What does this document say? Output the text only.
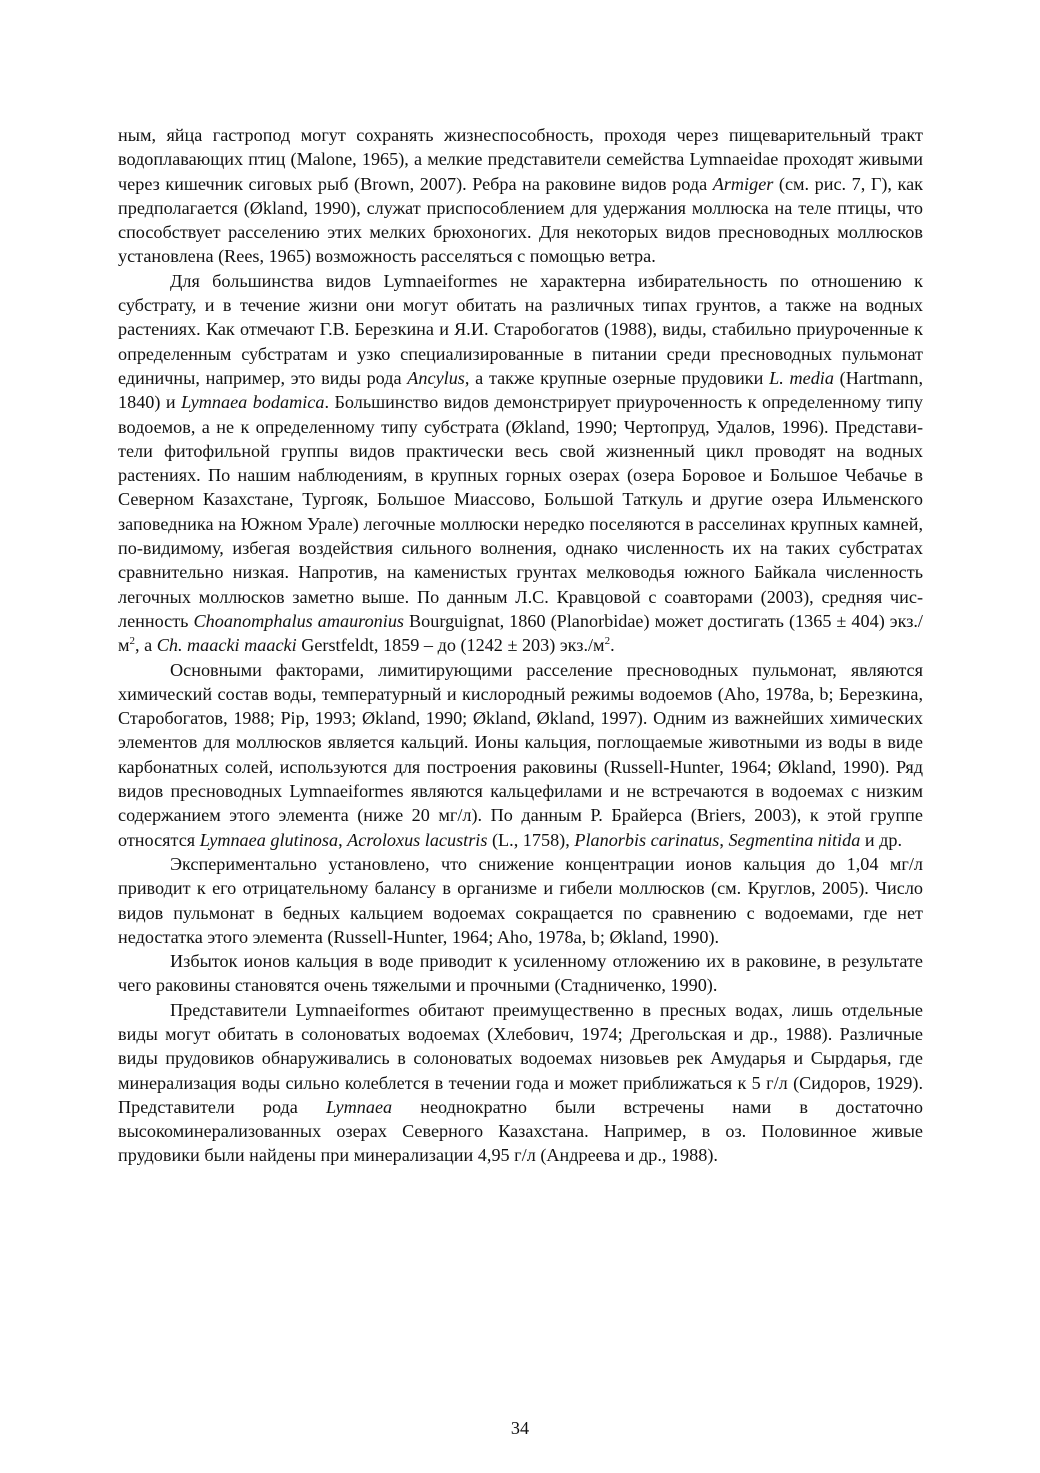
ным, яйца гастропод могут сохранять жизнеспособность, проходя через пищеварительный тракт водоплавающих птиц (Malone, 1965), а мелкие представители семейства Lymnaeidae проходят живыми через кишечник сиговых рыб (Brown, 2007). Ребра на раковине видов рода Armiger (см. рис. 7, Г), как предполагается (Økland, 1990), служат приспособлением для удержания моллюска на теле птицы, что способствует расселению этих мелких брюхоногих. Для некоторых видов пресноводных моллюсков установлена (Rees, 1965) возможность расселяться с помощью ветра.

Для большинства видов Lymnaeiformes не характерна избирательность по отношению к субстрату, и в течение жизни они могут обитать на различных типах грунтов, а также на водных растениях. Как отмечают Г.В. Березкина и Я.И. Старобогатов (1988), виды, стабильно приуроченные к определенным субстратам и узко специализированные в питании среди пресноводных пульмонат единичны, например, это виды рода Ancylus, а также крупные озерные прудовики L. media (Hartmann, 1840) и Lymnaea bodamica. Большинство видов демонстрирует приуроченность к определенному типу водоемов, а не к определенному типу субстрата (Økland, 1990; Чертопруд, Удалов, 1996). Представители фитофильной группы видов практически весь свой жизненный цикл проводят на водных растениях. По нашим наблюдениям, в крупных горных озерах (озера Боровое и Большое Чебачье в Северном Казахстане, Тургояк, Большое Миассово, Большой Таткуль и другие озера Ильменского заповедника на Южном Урале) легочные моллюски нередко поселяются в расселинах крупных камней, по-видимому, избегая воздействия сильного волнения, однако численность их на таких субстратах сравнительно низкая. Напротив, на каменистых грунтах мелководья южного Байкала численность легочных моллюсков заметно выше. По данным Л.С. Кравцовой с соавторами (2003), средняя численность Choanomphalus amauronius Bourguignat, 1860 (Planorbidae) может достигать (1365 ± 404) $экз./м^2$, а Ch. maacki maacki Gerstfeldt, 1859 – до (1242 ± 203) $экз./м^2$.

Основными факторами, лимитирующими расселение пресноводных пульмонат, являются химический состав воды, температурный и кислородный режимы водоемов (Aho, 1978a, b; Березкина, Старобогатов, 1988; Pip, 1993; Økland, 1990; Økland, Økland, 1997). Одним из важнейших химических элементов для моллюсков является кальций. Ионы кальция, поглощаемые животными из воды в виде карбонатных солей, используются для построения раковины (Russell-Hunter, 1964; Økland, 1990). Ряд видов пресноводных Lymnaeiformes являются кальцефилами и не встречаются в водоемах с низким содержанием этого элемента (ниже 20 мг/л). По данным Р. Брайерса (Briers, 2003), к этой группе относятся Lymnaea glutinosa, Acroloxus lacustris (L., 1758), Planorbis carinatus, Segmentina nitida и др.

Экспериментально установлено, что снижение концентрации ионов кальция до 1,04 мг/л приводит к его отрицательному балансу в организме и гибели моллюсков (см. Круглов, 2005). Число видов пульмонат в бедных кальцием водоемах сокращается по сравнению с водоемами, где нет недостатка этого элемента (Russell-Hunter, 1964; Aho, 1978a, b; Økland, 1990).

Избыток ионов кальция в воде приводит к усиленному отложению их в раковине, в результате чего раковины становятся очень тяжелыми и прочными (Стадниченко, 1990).

Представители Lymnaeiformes обитают преимущественно в пресных водах, лишь отдельные виды могут обитать в солоноватых водоемах (Хлебович, 1974; Дрегольская и др., 1988). Различные виды прудовиков обнаруживались в солоноватых водоемах низовьев рек Амударья и Сырдарья, где минерализация воды сильно колеблется в течении года и может приближаться к 5 г/л (Сидоров, 1929). Представители рода Lymnaea неоднократно были встречены нами в достаточно высокоминерализованных озерах Северного Казахстана. Например, в оз. Половинное живые прудовики были найдены при минерализации 4,95 г/л (Андреева и др., 1988).

34
